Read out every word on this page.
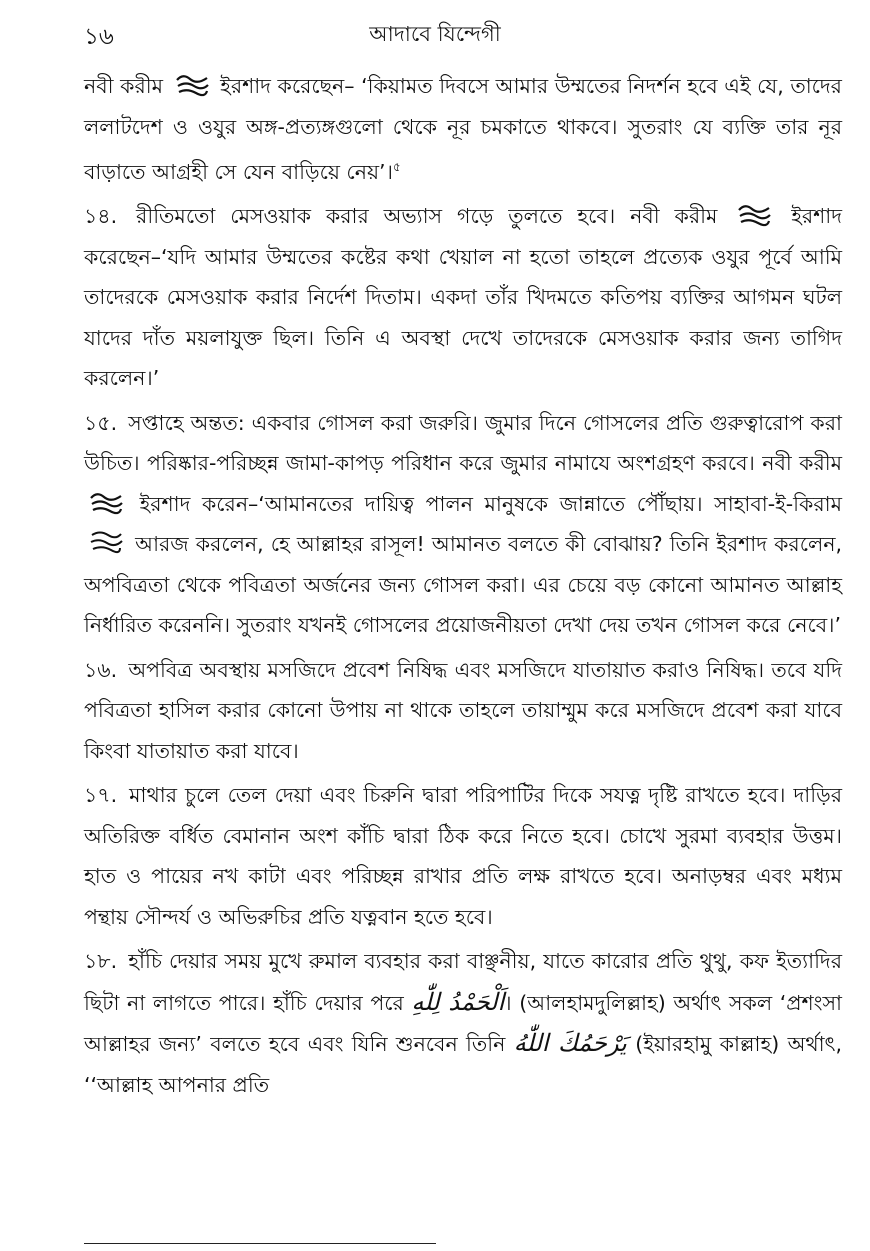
১৬	আদাবে যিন্দেগী

নবী করীম	ইরশাদ করেছেন– ‘কিয়ামত দিবসে আমার উম্মতের নিদর্শন হবে এই যে, তাদের ললাটদেশ ও ওযুর অঙ্গ-প্রত্যঙ্গগুলো থেকে নূর চমকাতে থাকবে। সুতরাং যে ব্যক্তি তার নূর বাড়াতে আগ্রহী সে যেন বাড়িয়ে নেয়’।$^৫$

১৪. রীতিমতো মেসওয়াক করার অভ্যাস গড়ে তুলতে হবে। নবী করীম	ইরশাদ করেছেন–‘যদি আমার উম্মতের কষ্টের কথা খেয়াল না হতো তাহলে প্রত্যেক ওযুর পূর্বে আমি তাদেরকে মেসওয়াক করার নির্দেশ দিতাম। একদা তাঁর খিদমতে কতিপয় ব্যক্তির আগমন ঘটল যাদের দাঁত ময়লাযুক্ত ছিল। তিনি এ অবস্থা দেখে তাদেরকে মেসওয়াক করার জন্য তাগিদ করলেন।’

১৫. সপ্তাহে অন্তত: একবার গোসল করা জরুরি। জুমার দিনে গোসলের প্রতি গুরুত্বারোপ করা উচিত। পরিষ্কার-পরিচ্ছন্ন জামা-কাপড় পরিধান করে জুমার নামাযে অংশগ্রহণ করবে। নবী করীম  ইরশাদ করেন–‘আমানতের দায়িত্ব পালন মানুষকে জান্নাতে পৌঁছায়। সাহাবা-ই-কিরাম  আরজ করলেন, হে আল্লাহর রাসূল! আমানত বলতে কী বোঝায়? তিনি ইরশাদ করলেন, অপবিত্রতা থেকে পবিত্রতা অর্জনের জন্য গোসল করা। এর চেয়ে বড় কোনো আমানত আল্লাহ নির্ধারিত করেননি। সুতরাং যখনই গোসলের প্রয়োজনীয়তা দেখা দেয় তখন গোসল করে নেবে।’

১৬. অপবিত্র অবস্থায় মসজিদে প্রবেশ নিষিদ্ধ এবং মসজিদে যাতায়াত করাও নিষিদ্ধ। তবে যদি পবিত্রতা হাসিল করার কোনো উপায় না থাকে তাহলে তায়াম্মুম করে মসজিদে প্রবেশ করা যাবে কিংবা যাতায়াত করা যাবে।

১৭. মাথার চুলে তেল দেয়া এবং চিরুনি দ্বারা পরিপাটির দিকে সযত্ন দৃষ্টি রাখতে হবে। দাড়ির অতিরিক্ত বর্ধিত বেমানান অংশ কাঁচি দ্বারা ঠিক করে নিতে হবে। চোখে সুরমা ব্যবহার উত্তম। হাত ও পায়ের নখ কাটা এবং পরিচ্ছন্ন রাখার প্রতি লক্ষ রাখতে হবে। অনাড়ম্বর এবং মধ্যম পন্থায় সৌন্দর্য ও অভিরুচির প্রতি যত্নবান হতে হবে।

১৮. হাঁচি দেয়ার সময় মুখে রুমাল ব্যবহার করা বাঞ্ছনীয়, যাতে কারোর প্রতি থুথু, কফ ইত্যাদির ছিটা না লাগতে পারে। হাঁচি দেয়ার পরে اَلْحَمْدُ لِلّٰهِ। (আলহামদুলিল্লাহ) অর্থাৎ সকল ‘প্রশংসা আল্লাহর জন্য’ বলতে হবে এবং যিনি শুনবেন তিনি يَرْحَمُكَ اللّٰهُ (ইয়ারহামু কাল্লাহ) অর্থাৎ, ‘‘আল্লাহ আপনার প্রতি
